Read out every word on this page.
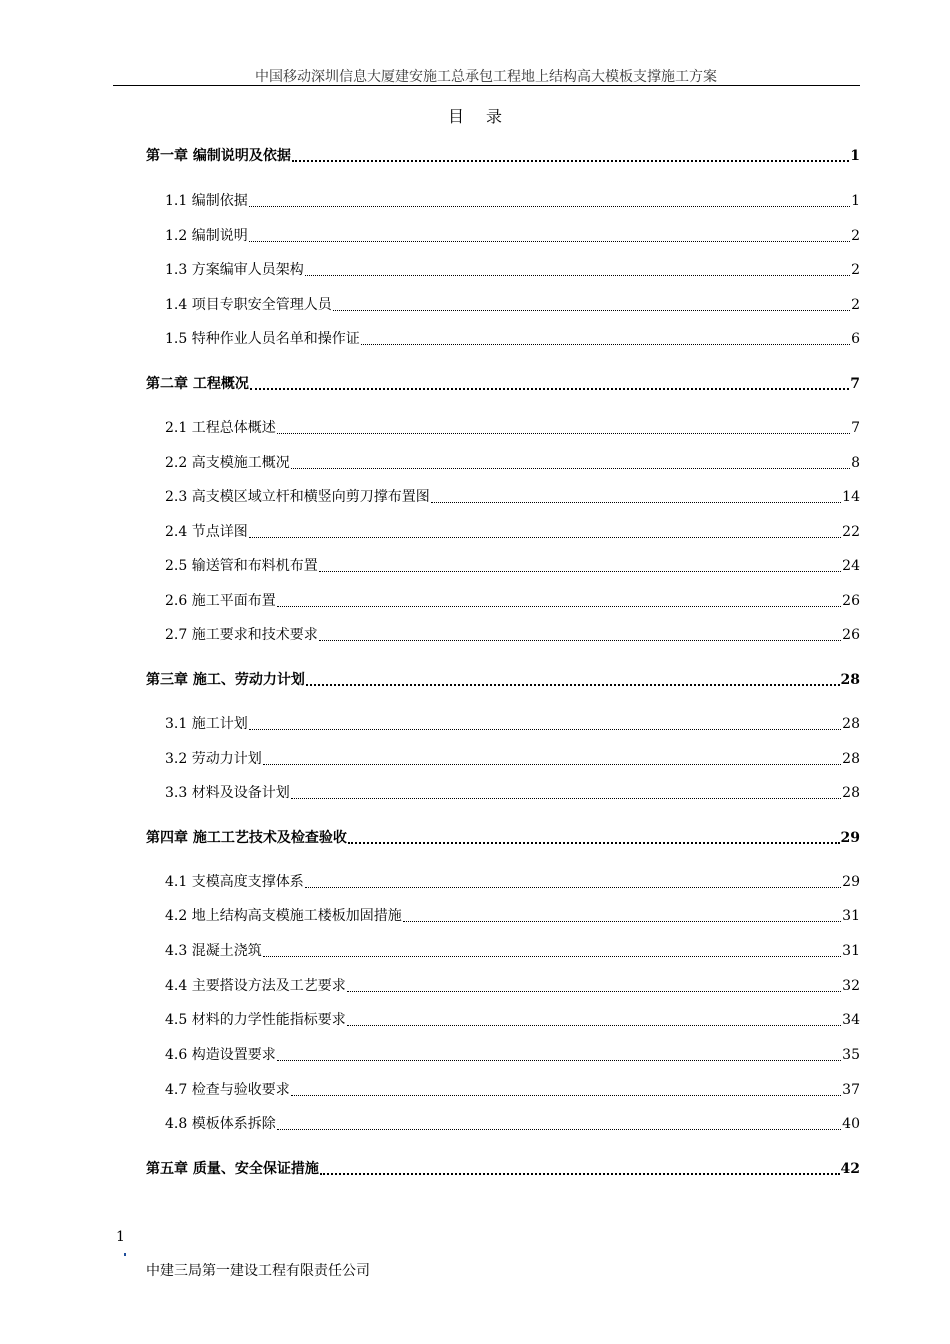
中国移动深圳信息大厦建安施工总承包工程地上结构高大模板支撑施工方案
目录
第一章 编制说明及依据	1
1.1 编制依据	1
1.2 编制说明	2
1.3 方案编审人员架构	2
1.4 项目专职安全管理人员	2
1.5 特种作业人员名单和操作证	6
第二章 工程概况	7
2.1 工程总体概述	7
2.2 高支模施工概况	8
2.3 高支模区域立杆和横竖向剪刀撑布置图	14
2.4 节点详图	22
2.5 输送管和布料机布置	24
2.6 施工平面布置	26
2.7 施工要求和技术要求	26
第三章 施工、劳动力计划	28
3.1 施工计划	28
3.2 劳动力计划	28
3.3 材料及设备计划	28
第四章 施工工艺技术及检查验收	29
4.1 支模高度支撑体系	29
4.2 地上结构高支模施工楼板加固措施	31
4.3 混凝土浇筑	31
4.4 主要搭设方法及工艺要求	32
4.5 材料的力学性能指标要求	34
4.6 构造设置要求	35
4.7 检查与验收要求	37
4.8 模板体系拆除	40
第五章 质量、安全保证措施	42
1
中建三局第一建设工程有限责任公司
